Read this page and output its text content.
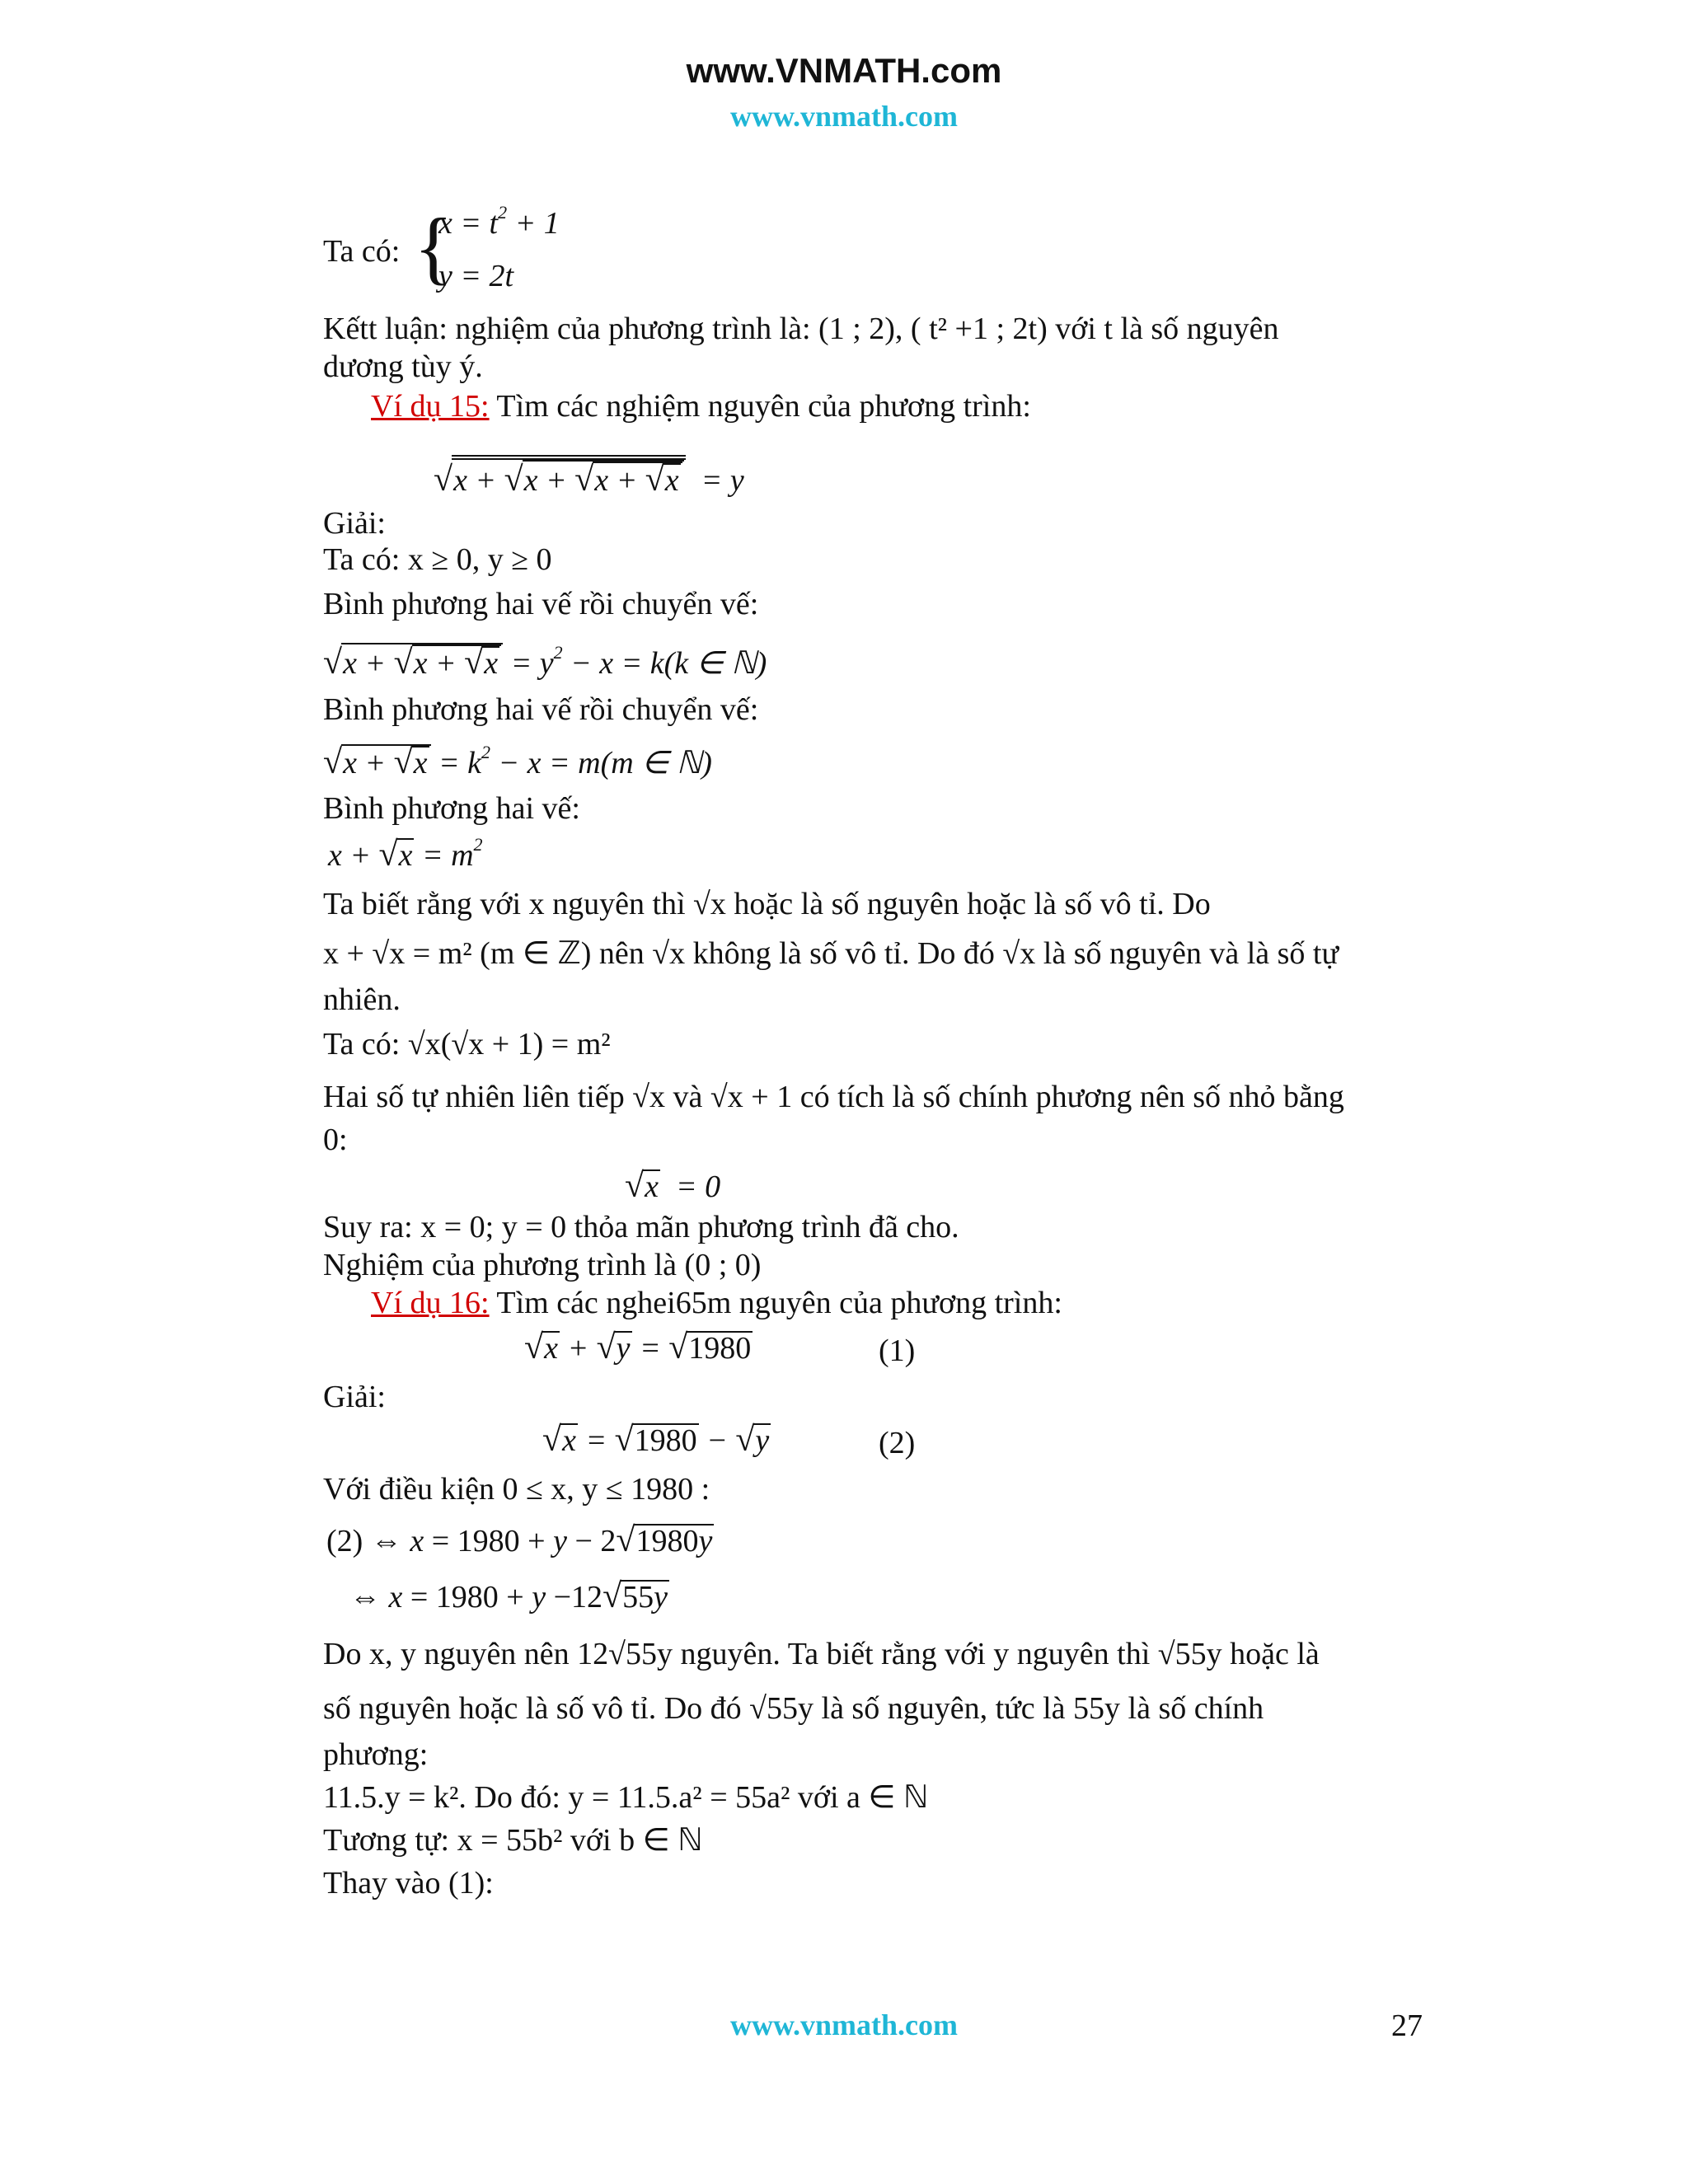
www.VNMATH.com
www.vnmath.com
Ta có: {
$x = t^2 + 1$
y = 2t
Kếtt luận: nghiệm của phương trình là: (1 ; 2), ( t² +1 ; 2t) với t là số nguyên
dương tùy ý.
Ví dụ 15: Tìm các nghiệm nguyên của phương trình:
√x + √x + √x + √x  = y
Giải:
Ta có: x ≥ 0, y ≥ 0
Bình phương hai vế rồi chuyển vế:
$√x + √x + √x = y^2 - x = k(k$ ∈ ℕ)
Bình phương hai vế rồi chuyển vế:
$√x + √x = k^2 - x = m(m$ ∈ ℕ)
Bình phương hai vế:
$x + √x = m^2$
Ta biết rằng với x nguyên thì √x hoặc là số nguyên hoặc là số vô tỉ. Do
x + √x = m² (m ∈ ℤ) nên √x không là số vô tỉ. Do đó √x là số nguyên và là số tự
nhiên.
Ta có: √x(√x + 1) = m²
Hai số tự nhiên liên tiếp √x và √x + 1 có tích là số chính phương nên số nhỏ bằng
0:
√x  = 0
Suy ra: x = 0; y = 0 thỏa mãn phương trình đã cho.
Nghiệm của phương trình là (0 ; 0)
Ví dụ 16: Tìm các nghei65m nguyên của phương trình:
√x + √y = √1980	(1)
Giải:
√x = √1980 − √y	(2)
Với điều kiện 0 ≤ x, y ≤ 1980 :
(2) ⇔ x = 1980 + y − 2√1980y
⇔ x = 1980 + y −12√55y
Do x, y nguyên nên 12√55y nguyên. Ta biết rằng với y nguyên thì √55y hoặc là
số nguyên hoặc là số vô tỉ. Do đó √55y là số nguyên, tức là 55y là số chính
phương:
11.5.y = k². Do đó: y = 11.5.a² = 55a² với a ∈ ℕ
Tương tự: x = 55b² với b ∈ ℕ
Thay vào (1):
www.vnmath.com	27
